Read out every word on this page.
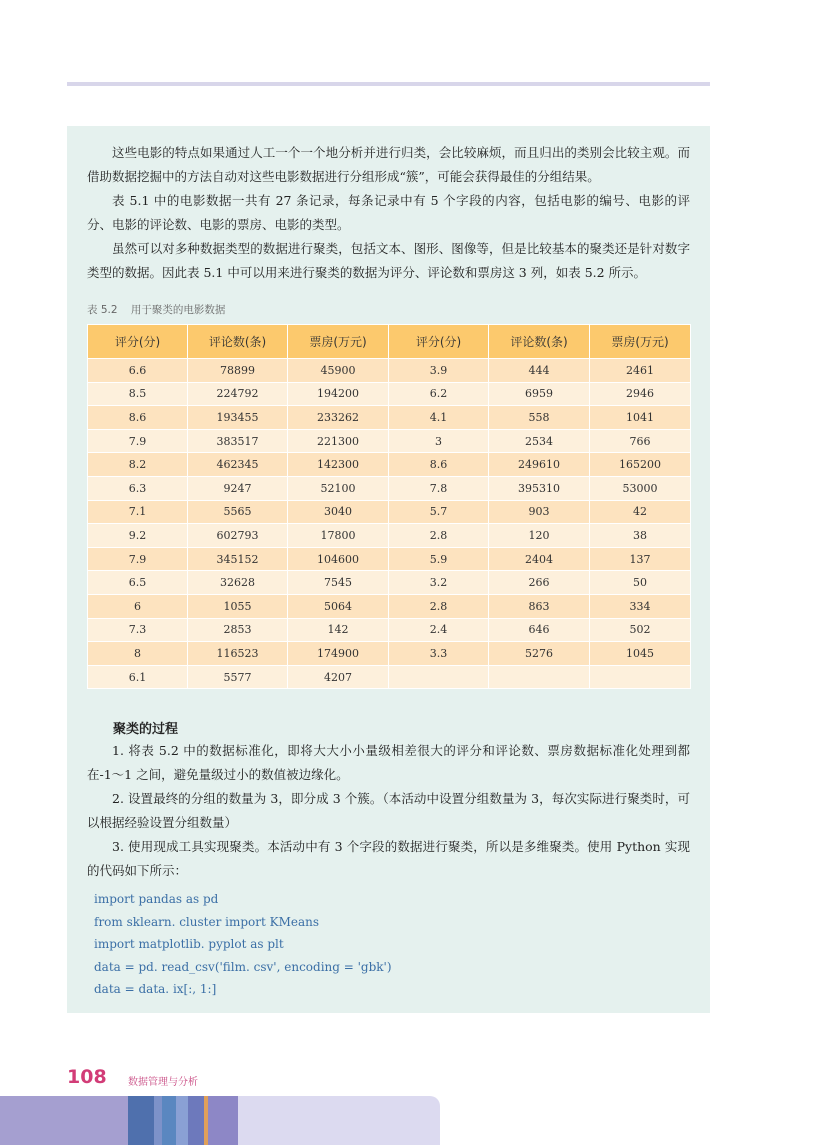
这些电影的特点如果通过人工一个一个地分析并进行归类，会比较麻烦，而且归出的类别会比较主观。而借助数据挖掘中的方法自动对这些电影数据进行分组形成“簇”，可能会获得最佳的分组结果。

表 5.1 中的电影数据一共有 27 条记录，每条记录中有 5 个字段的内容，包括电影的编号、电影的评分、电影的评论数、电影的票房、电影的类型。

虽然可以对多种数据类型的数据进行聚类，包括文本、图形、图像等，但是比较基本的聚类还是针对数字类型的数据。因此表 5.1 中可以用来进行聚类的数据为评分、评论数和票房这 3 列，如表 5.2 所示。

表 5.2 用于聚类的电影数据
评分(分)	评论数(条)	票房(万元)	评分(分)	评论数(条)	票房(万元)
6.6	78899	45900	3.9	444	2461
8.5	224792	194200	6.2	6959	2946
8.6	193455	233262	4.1	558	1041
7.9	383517	221300	3	2534	766
8.2	462345	142300	8.6	249610	165200
6.3	9247	52100	7.8	395310	53000
7.1	5565	3040	5.7	903	42
9.2	602793	17800	2.8	120	38
7.9	345152	104600	5.9	2404	137
6.5	32628	7545	3.2	266	50
6	1055	5064	2.8	863	334
7.3	2853	142	2.4	646	502
8	116523	174900	3.3	5276	1045
6.1	5577	4207			
聚类的过程

1. 将表 5.2 中的数据标准化，即将大大小小量级相差很大的评分和评论数、票房数据标准化处理到都在-1～1 之间，避免量级过小的数值被边缘化。

2. 设置最终的分组的数量为 3，即分成 3 个簇。（本活动中设置分组数量为 3，每次实际进行聚类时，可以根据经验设置分组数量）

3. 使用现成工具实现聚类。本活动中有 3 个字段的数据进行聚类，所以是多维聚类。使用 Python 实现的代码如下所示：

import pandas as pd
from sklearn. cluster import KMeans
import matplotlib. pyplot as plt
data = pd. read_csv('film. csv', encoding = 'gbk')
data = data. ix[:, 1:]
108 数据管理与分析
